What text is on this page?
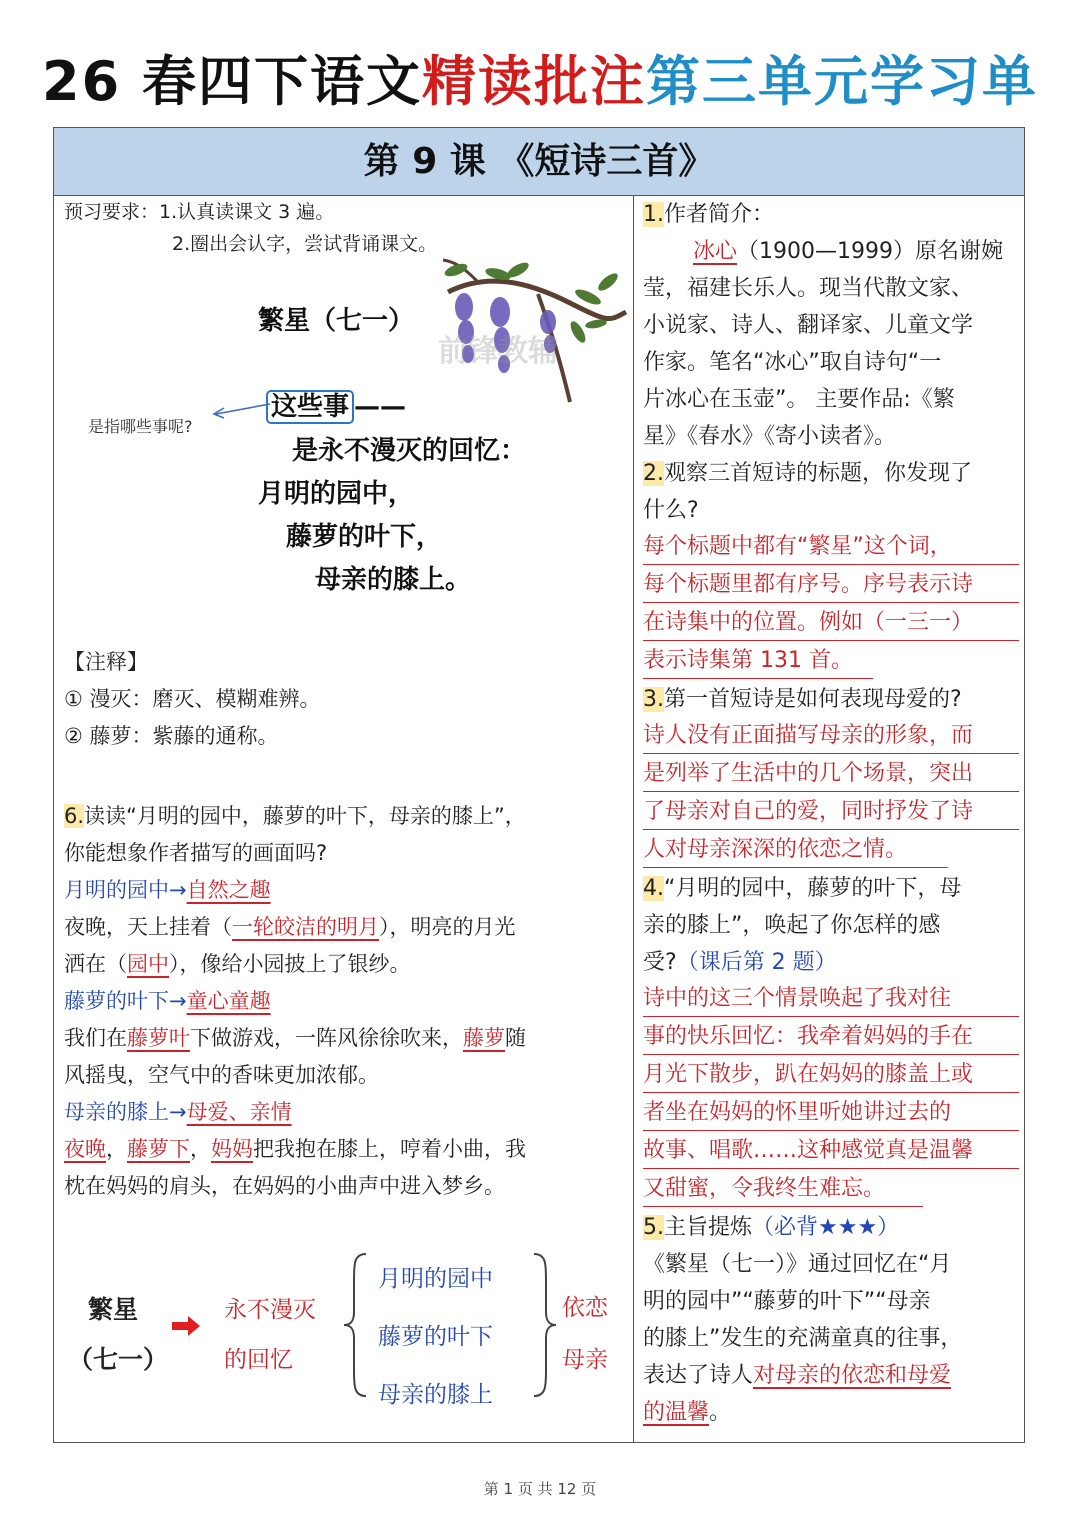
26 春四下语文精读批注第三单元学习单
第 9 课 《短诗三首》
预习要求：1.认真读课文 3 遍。
2.圈出会认字，尝试背诵课文。
前锋教辅
繁星（七一）
是指哪些事呢?
这些事 ——
是永不漫灭的回忆：
月明的园中，
藤萝的叶下，
母亲的膝上。
【注释】
① 漫灭：磨灭、模糊难辨。
② 藤萝：紫藤的通称。
6.读读“月明的园中，藤萝的叶下，母亲的膝上”，
你能想象作者描写的画面吗?
月明的园中→自然之趣
夜晚，天上挂着（一轮皎洁的明月），明亮的月光
洒在（园中），像给小园披上了银纱。
藤萝的叶下→童心童趣
我们在藤萝叶下做游戏，一阵风徐徐吹来，藤萝随
风摇曳，空气中的香味更加浓郁。
母亲的膝上→母爱、亲情
夜晚，藤萝下，妈妈把我抱在膝上，哼着小曲，我
枕在妈妈的肩头，在妈妈的小曲声中进入梦乡。
繁星
（七一）
永不漫灭
的回忆
月明的园中
藤萝的叶下
母亲的膝上
依恋
母亲
1.作者简介：
冰心（1900—1999）原名谢婉
莹，福建长乐人。现当代散文家、
小说家、诗人、翻译家、儿童文学
作家。笔名“冰心”取自诗句“一
片冰心在玉壶”。 主要作品:《繁
星》《春水》《寄小读者》。
2.观察三首短诗的标题，你发现了
什么?
每个标题中都有“繁星”这个词，
每个标题里都有序号。序号表示诗
在诗集中的位置。例如（一三一）
表示诗集第 131 首。
3.第一首短诗是如何表现母爱的?
诗人没有正面描写母亲的形象，而
是列举了生活中的几个场景，突出
了母亲对自己的爱，同时抒发了诗
人对母亲深深的依恋之情。
4.“月明的园中，藤萝的叶下，母
亲的膝上”，唤起了你怎样的感
受?（课后第 2 题）
诗中的这三个情景唤起了我对往
事的快乐回忆：我牵着妈妈的手在
月光下散步，趴在妈妈的膝盖上或
者坐在妈妈的怀里听她讲过去的
故事、唱歌……这种感觉真是温馨
又甜蜜，令我终生难忘。
5.主旨提炼（必背★★★）
《繁星（七一）》通过回忆在“月
明的园中”“藤萝的叶下”“母亲
的膝上”发生的充满童真的往事，
表达了诗人对母亲的依恋和母爱
的温馨。
第 1 页 共 12 页
